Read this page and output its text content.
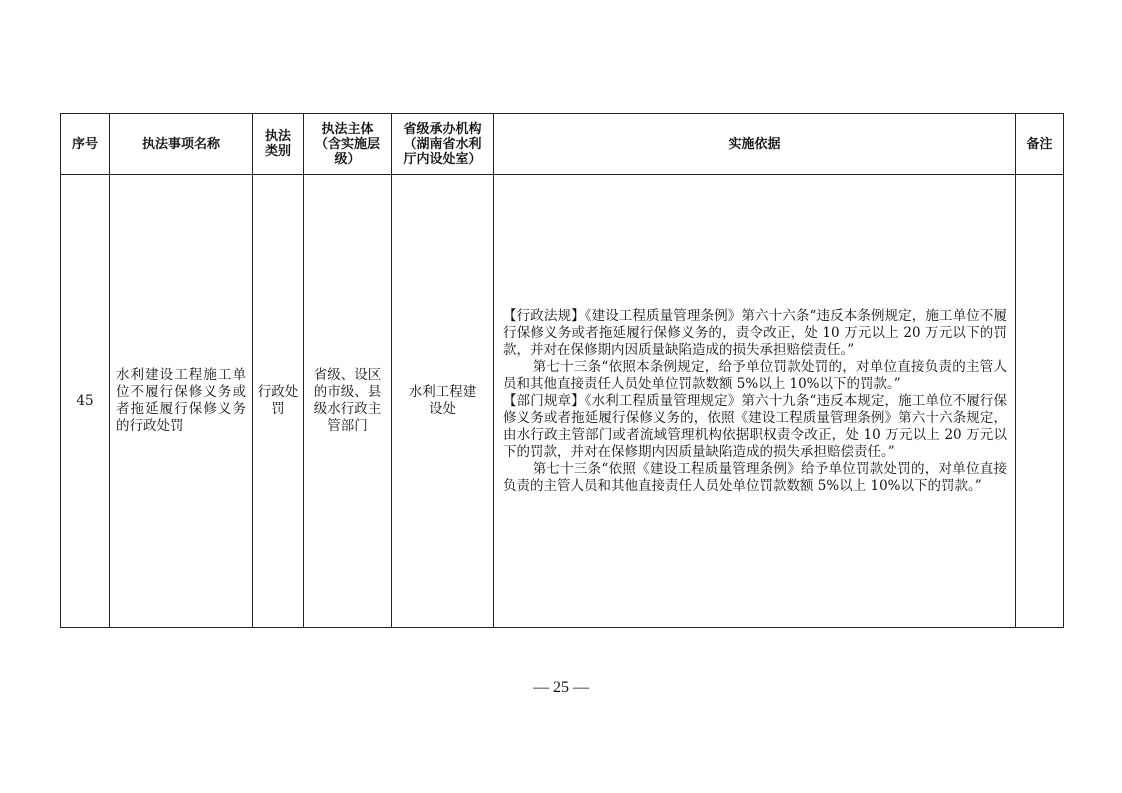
序号	执法事项名称	执法类别	执法主体（含实施层级）	省级承办机构（湖南省水利厅内设处室）	实施依据	备注
45	水利建设工程施工单位不履行保修义务或者拖延履行保修义务的行政处罚	行政处罚	省级、设区的市级、县级水行政主管部门	水利工程建设处	【行政法规】《建设工程质量管理条例》第六十六条“违反本条例规定，施工单位不履行保修义务或者拖延履行保修义务的，责令改正，处 10 万元以上 20 万元以下的罚款，并对在保修期内因质量缺陷造成的损失承担赔偿责任。”

第七十三条“依照本条例规定，给予单位罚款处罚的，对单位直接负责的主管人员和其他直接责任人员处单位罚款数额 5%以上 10%以下的罚款。”

【部门规章】《水利工程质量管理规定》第六十九条“违反本规定，施工单位不履行保修义务或者拖延履行保修义务的，依照《建设工程质量管理条例》第六十六条规定，由水行政主管部门或者流域管理机构依据职权责令改正，处 10 万元以上 20 万元以下的罚款，并对在保修期内因质量缺陷造成的损失承担赔偿责任。”

第七十三条“依照《建设工程质量管理条例》给予单位罚款处罚的，对单位直接负责的主管人员和其他直接责任人员处单位罚款数额 5%以上 10%以下的罚款。”	

— 25 —
